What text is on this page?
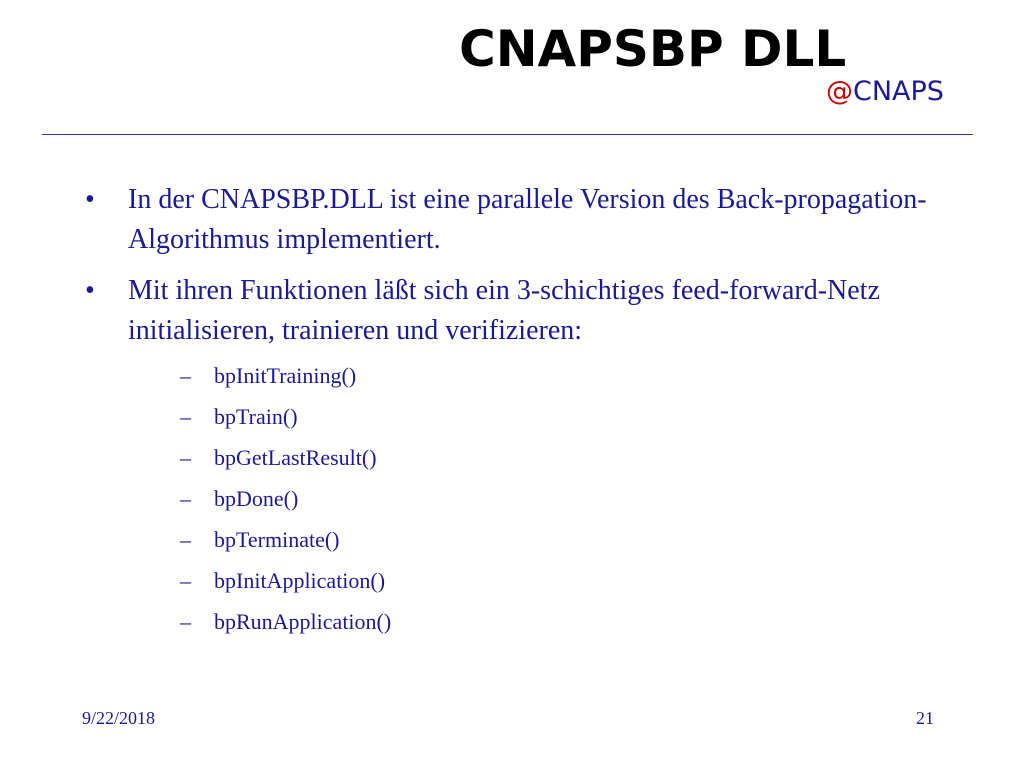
CNAPSBP DLL
@CNAPS
• In der CNAPSBP.DLL ist eine parallele Version des Back-propagation-Algorithmus implementiert.
• Mit ihren Funktionen läßt sich ein 3-schichtiges feed-forward-Netz initialisieren, trainieren und verifizieren:
– bpInitTraining()
– bpTrain()
– bpGetLastResult()
– bpDone()
– bpTerminate()
– bpInitApplication()
– bpRunApplication()
9/22/2018	21
